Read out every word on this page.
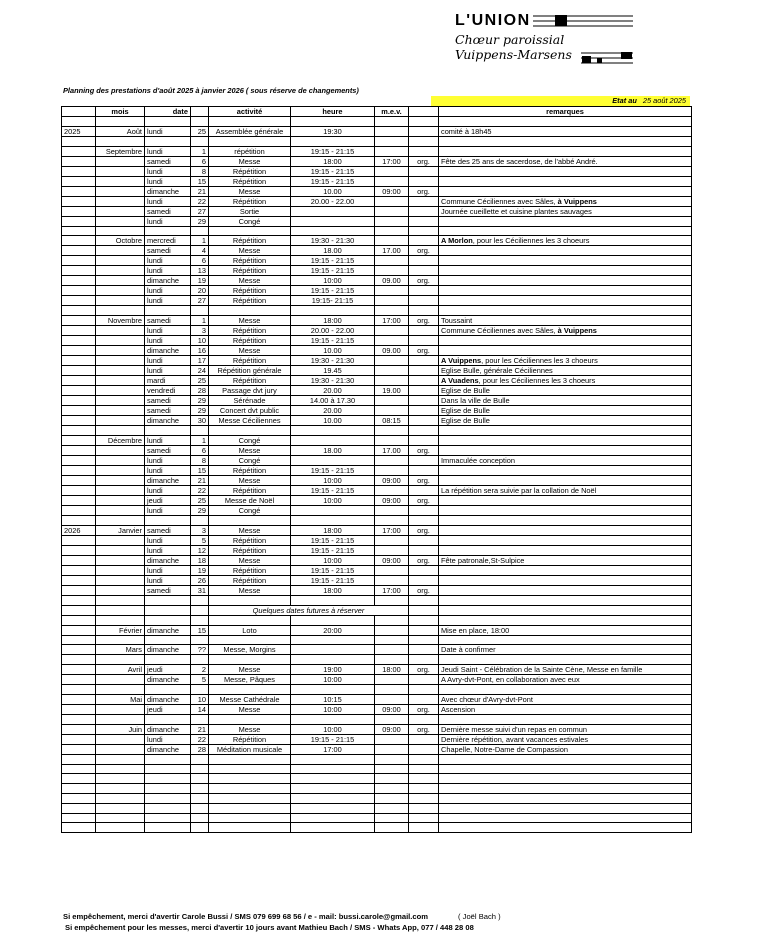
L'UNION
Chœur paroissial
Vuippens-Marsens
Planning des prestations d'août 2025 à janvier 2026 ( sous réserve de changements)
Etat au 25 août 2025
	mois	date		activité	heure	m.e.v.		remarques

2025	Août	lundi	25	Assemblée générale	19:30			comité à 18h45

	Septembre	lundi	1	répétition	19:15 - 21:15			
		samedi	6	Messe	18:00	17:00	org.	Fête des 25 ans de sacerdose, de l'abbé André.
		lundi	8	Répétition	19:15 - 21:15			
		lundi	15	Répétition	19:15 - 21:15			
		dimanche	21	Messe	10.00	09:00	org.	
		lundi	22	Répétition	20.00 - 22.00			Commune Céciliennes avec Sâles, à Vuippens
		samedi	27	Sortie				Journée cueillette et cuisine plantes sauvages
		lundi	29	Congé				

	Octobre	mercredi	1	Répétition	19:30 - 21:30			A Morlon, pour les Céciliennes les 3 choeurs
		samedi	4	Messe	18.00	17.00	org.	
		lundi	6	Répétition	19:15 - 21:15			
		lundi	13	Répétition	19:15 - 21:15			
		dimanche	19	Messe	10:00	09.00	org.	
		lundi	20	Répétition	19:15 - 21:15			
		lundi	27	Répétition	19:15- 21:15			

	Novembre	samedi	1	Messe	18:00	17:00	org.	Toussaint
		lundi	3	Répétition	20.00 - 22.00			Commune Céciliennes avec Sâles, à Vuippens
		lundi	10	Répétition	19:15 - 21:15			
		dimanche	16	Messe	10.00	09.00	org.	
		lundi	17	Répétition	19:30 - 21:30			A Vuippens, pour les Céciliennes les 3 choeurs
		lundi	24	Répétition générale	19.45			Eglise Bulle, générale Céciliennes
		mardi	25	Répétition	19:30 - 21:30			A Vuadens, pour les Céciliennes les 3 choeurs
		vendredi	28	Passage dvt jury	20.00	19.00		Eglise de Bulle
		samedi	29	Sérénade	14.00 à 17.30			Dans la ville de Bulle
		samedi	29	Concert dvt public	20.00			Eglise de Bulle
		dimanche	30	Messe Céciliennes	10.00	08:15		Eglise de Bulle

	Décembre	lundi	1	Congé				
		samedi	6	Messe	18.00	17.00	org.	
		lundi	8	Congé				Immaculée conception
		lundi	15	Répétition	19:15 - 21:15			
		dimanche	21	Messe	10:00	09:00	org.	
		lundi	22	Répétition	19:15 - 21:15			La répétition sera suivie par la collation de Noël
		jeudi	25	Messe de Noël	10:00	09:00	org.	
		lundi	29	Congé				

2026	Janvier	samedi	3	Messe	18:00	17:00	org.	
		lundi	5	Répétition	19:15 - 21:15			
		lundi	12	Répétition	19:15 - 21:15			
		dimanche	18	Messe	10:00	09:00	org.	Fête patronale,St-Sulpice
		lundi	19	Répétition	19:15 - 21:15			
		lundi	26	Répétition	19:15 - 21:15			
		samedi	31	Messe	18:00	17:00	org.	

				Quelques dates futures à réserver				

	Février	dimanche	15	Loto	20:00			Mise en place, 18:00

	Mars	dimanche	??	Messe, Morgins				Date à confirmer

	Avril	jeudi	2	Messe	19:00	18:00	org.	Jeudi Saint - Célébration de la Sainte Cène, Messe en famille
		dimanche	5	Messe, Pâques	10:00			A Avry-dvt-Pont, en collaboration avec eux

	Mai	dimanche	10	Messe Cathédrale	10:15			Avec chœur d'Avry-dvt-Pont
		jeudi	14	Messe	10:00	09:00	org.	Ascension

	Juin	dimanche	21	Messe	10:00	09:00	org.	Dernière messe suivi d'un repas en commun
		lundi	22	Répétition	19:15 - 21:15			Dernière répétition, avant vacances estivales
		dimanche	28	Méditation musicale	17:00			Chapelle, Notre-Dame de Compassion

Si empêchement, merci d'avertir Carole Bussi / SMS 079 699 68 56 / e - mail: bussi.carole@gmail.com	( Joël Bach )
Si empêchement pour les messes, merci d'avertir 10 jours avant Mathieu Bach / SMS - Whats App, 077 / 448 28 08
